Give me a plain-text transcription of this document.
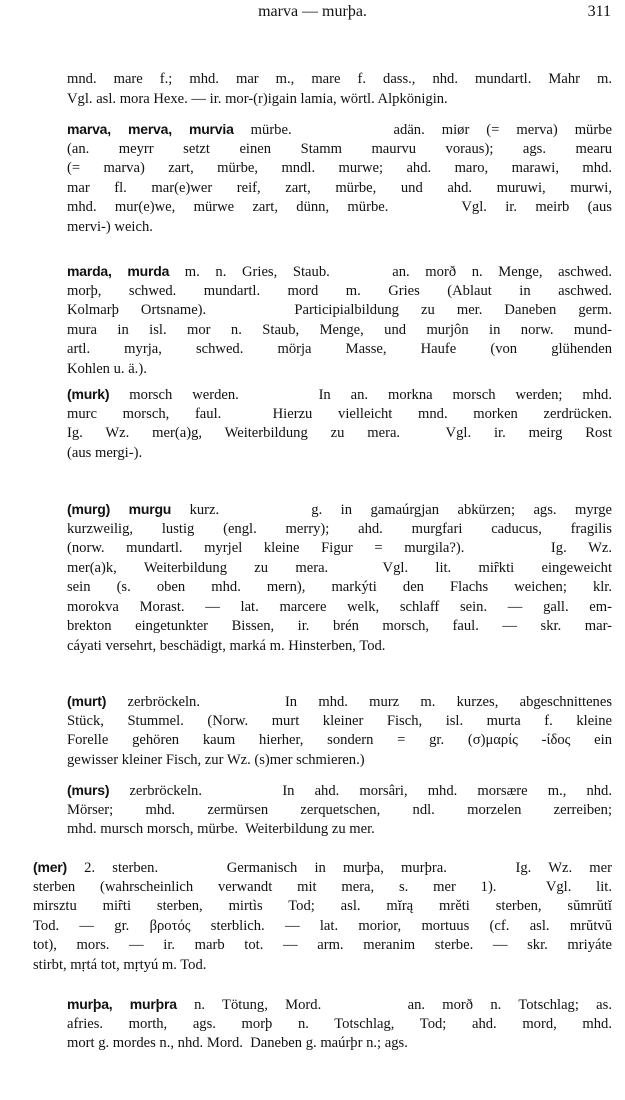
marva — murþa.	311
mnd. mare f.; mhd. mar m., mare f. dass., nhd. mundartl. Mahr m.
Vgl. asl. mora Hexe. — ir. mor-(r)igain lamia, wörtl. Alpkönigin.
marva, merva, murvia mürbe.      adän. miør (= merva) mürbe
(an. meyrr setzt einen Stamm maurvu voraus); ags. mearu
(= marva) zart, mürbe, mndl. murwe; ahd. maro, marawi, mhd.
mar fl. mar(e)wer reif, zart, mürbe, und ahd. muruwi, murwi,
mhd. mur(e)we, mürwe zart, dünn, mürbe.    Vgl. ir. meirb (aus
mervi-) weich.
marda, murda m. n. Gries, Staub.    an. morð n. Menge, aschwed.
morþ, schwed. mundartl. mord m. Gries (Ablaut in aschwed.
Kolmarþ Ortsname).    Participialbildung zu mer. Daneben germ.
mura in isl. mor n. Staub, Menge, und murjôn in norw. mund-
artl. myrja, schwed. mörja Masse, Haufe (von glühenden
Kohlen u. ä.).
(murk) morsch werden.    In an. morkna morsch werden; mhd.
murc morsch, faul.  Hierzu vielleicht mnd. morken zerdrücken.
Ig. Wz. mer(a)g, Weiterbildung zu mera.  Vgl. ir. meirg Rost
(aus mergi-).
(murg) murgu kurz.     g. in gamaúrgjan abkürzen; ags. myrge
kurzweilig, lustig (engl. merry); ahd. murgfari caducus, fragilis
(norw. mundartl. myrjel kleine Figur = murgila?).    Ig. Wz.
mer(a)k, Weiterbildung zu mera.  Vgl. lit. miȓkti eingeweicht
sein (s. oben mhd. mern), markýti den Flachs weichen; klr.
morokva Morast. — lat. marcere welk, schlaff sein. — gall. em-
brekton eingetunkter Bissen, ir. brén morsch, faul. — skr. mar-
cáyati versehrt, beschädigt, marká m. Hinsterben, Tod.
(murt) zerbröckeln.    In mhd. murz m. kurzes, abgeschnittenes
Stück, Stummel. (Norw. murt kleiner Fisch, isl. murta f. kleine
Forelle gehören kaum hierher, sondern = gr. (σ)μαρίς -ίδος ein
gewisser kleiner Fisch, zur Wz. (s)mer schmieren.)
(murs) zerbröckeln.    In ahd. morsâri, mhd. morsære m., nhd.
Mörser; mhd. zermürsen zerquetschen, ndl. morzelen zerreiben;
mhd. mursch morsch, mürbe.  Weiterbildung zu mer.
(mer) 2. sterben.    Germanisch in murþa, murþra.    Ig. Wz. mer
sterben (wahrscheinlich verwandt mit mera, s. mer 1).  Vgl. lit.
mirsztu miȓti sterben, mirtìs Tod; asl. mĭrą mrěti sterben, sŭmrŭtĭ
Tod. — gr. βροτός sterblich. — lat. morior, mortuus (cf. asl. mrŭtvŭ
tot), mors. — ir. marb tot. — arm. meranim sterbe. — skr. mriyáte
stirbt, mṛtá tot, mṛtyú m. Tod.
murþa, murþra n. Tötung, Mord.     an. morð n. Totschlag; as.
afries. morth, ags. morþ n. Totschlag, Tod; ahd. mord, mhd.
mort g. mordes n., nhd. Mord.  Daneben g. maúrþr n.; ags.
